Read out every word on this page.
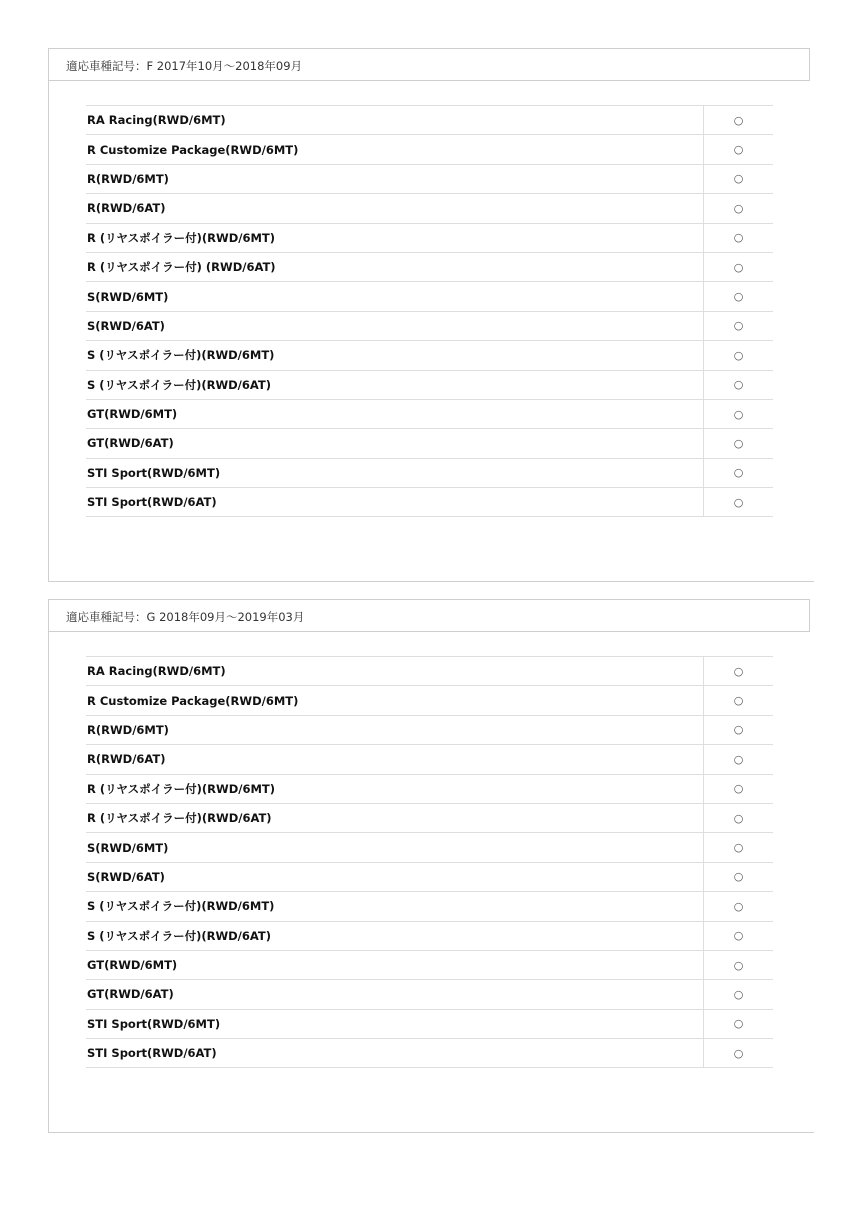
適応車種記号：F 2017年10月～2018年09月
RA Racing(RWD/6MT)	○
R Customize Package(RWD/6MT)	○
R(RWD/6MT)	○
R(RWD/6AT)	○
R (リヤスポイラー付)(RWD/6MT)	○
R (リヤスポイラー付) (RWD/6AT)	○
S(RWD/6MT)	○
S(RWD/6AT)	○
S (リヤスポイラー付)(RWD/6MT)	○
S (リヤスポイラー付)(RWD/6AT)	○
GT(RWD/6MT)	○
GT(RWD/6AT)	○
STI Sport(RWD/6MT)	○
STI Sport(RWD/6AT)	○
適応車種記号：G 2018年09月～2019年03月
RA Racing(RWD/6MT)	○
R Customize Package(RWD/6MT)	○
R(RWD/6MT)	○
R(RWD/6AT)	○
R (リヤスポイラー付)(RWD/6MT)	○
R (リヤスポイラー付)(RWD/6AT)	○
S(RWD/6MT)	○
S(RWD/6AT)	○
S (リヤスポイラー付)(RWD/6MT)	○
S (リヤスポイラー付)(RWD/6AT)	○
GT(RWD/6MT)	○
GT(RWD/6AT)	○
STI Sport(RWD/6MT)	○
STI Sport(RWD/6AT)	○
